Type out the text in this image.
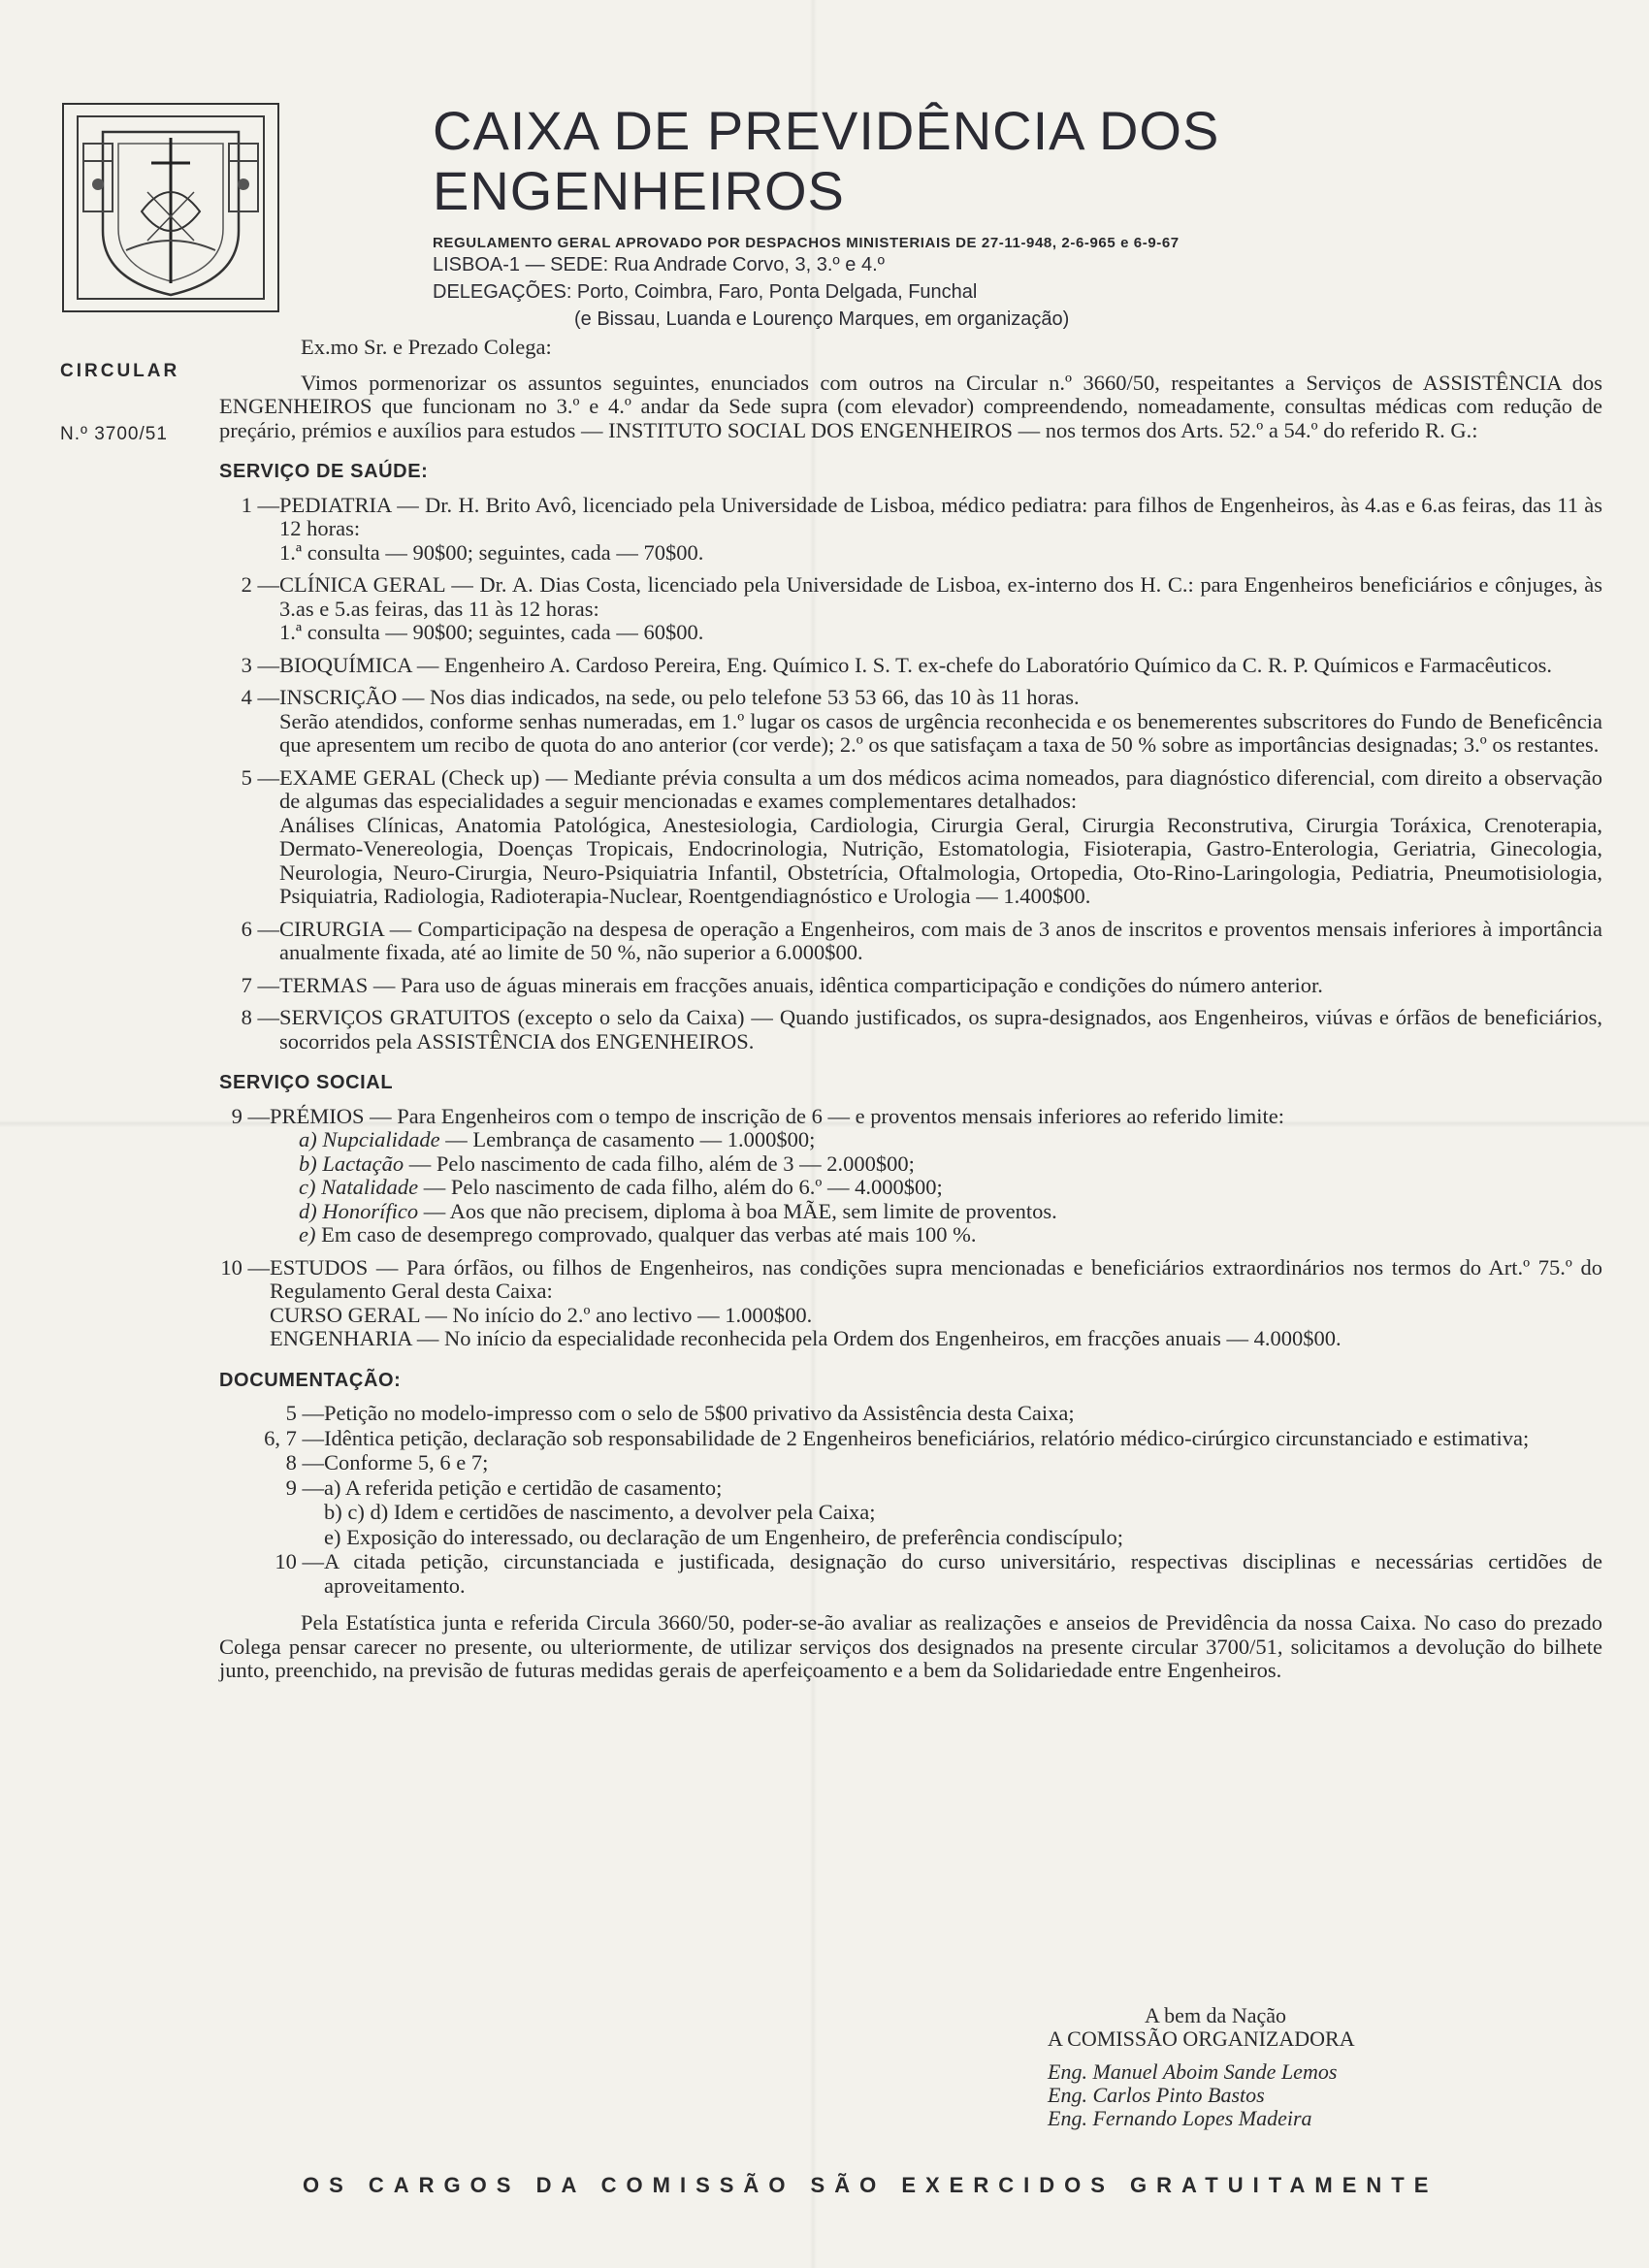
CAIXA DE PREVIDÊNCIA DOS ENGENHEIROS
REGULAMENTO GERAL APROVADO POR DESPACHOS MINISTERIAIS DE 27-11-948, 2-6-965 e 6-9-67
LISBOA-1 — SEDE: Rua Andrade Corvo, 3, 3.º e 4.º
DELEGAÇÕES: Porto, Coimbra, Faro, Ponta Delgada, Funchal
(e Bissau, Luanda e Lourenço Marques, em organização)
CIRCULAR
N.º 3700/51
Ex.mo Sr. e Prezado Colega:
Vimos pormenorizar os assuntos seguintes, enunciados com outros na Circular n.º 3660/50, respeitantes a Serviços de ASSISTÊNCIA dos ENGENHEIROS que funcionam no 3.º e 4.º andar da Sede supra (com elevador) compreendendo, nomeadamente, consultas médicas com redução de preçário, prémios e auxílios para estudos — INSTITUTO SOCIAL DOS ENGENHEIROS — nos termos dos Arts. 52.º a 54.º do referido R. G.:
SERVIÇO DE SAÚDE:
1 — PEDIATRIA — Dr. H. Brito Avô, licenciado pela Universidade de Lisboa, médico pediatra: para filhos de Engenheiros, às 4.as e 6.as feiras, das 11 às 12 horas:
1.ª consulta — 90$00; seguintes, cada — 70$00.
2 — CLÍNICA GERAL — Dr. A. Dias Costa, licenciado pela Universidade de Lisboa, ex-interno dos H. C.: para Engenheiros beneficiários e cônjuges, às 3.as e 5.as feiras, das 11 às 12 horas:
1.ª consulta — 90$00; seguintes, cada — 60$00.
3 — BIOQUÍMICA — Engenheiro A. Cardoso Pereira, Eng. Químico I. S. T. ex-chefe do Laboratório Químico da C. R. P. Químicos e Farmacêuticos.
4 — INSCRIÇÃO — Nos dias indicados, na sede, ou pelo telefone 53 53 66, das 10 às 11 horas.
Serão atendidos, conforme senhas numeradas, em 1.º lugar os casos de urgência reconhecida e os benemerentes subscritores do Fundo de Beneficência que apresentem um recibo de quota do ano anterior (cor verde); 2.º os que satisfaçam a taxa de 50 % sobre as importâncias designadas; 3.º os restantes.
5 — EXAME GERAL (Check up) — Mediante prévia consulta a um dos médicos acima nomeados, para diagnóstico diferencial, com direito a observação de algumas das especialidades a seguir mencionadas e exames complementares detalhados:
Análises Clínicas, Anatomia Patológica, Anestesiologia, Cardiologia, Cirurgia Geral, Cirurgia Reconstrutiva, Cirurgia Toráxica, Crenoterapia, Dermato-Venereologia, Doenças Tropicais, Endocrinologia, Nutrição, Estomatologia, Fisioterapia, Gastro-Enterologia, Geriatria, Ginecologia, Neurologia, Neuro-Cirurgia, Neuro-Psiquiatria Infantil, Obstetrícia, Oftalmologia, Ortopedia, Oto-Rino-Laringologia, Pediatria, Pneumotisiologia, Psiquiatria, Radiologia, Radioterapia-Nuclear, Roentgendiagnóstico e Urologia — 1.400$00.
6 — CIRURGIA — Comparticipação na despesa de operação a Engenheiros, com mais de 3 anos de inscritos e proventos mensais inferiores à importância anualmente fixada, até ao limite de 50 %, não superior a 6.000$00.
7 — TERMAS — Para uso de águas minerais em fracções anuais, idêntica comparticipação e condições do número anterior.
8 — SERVIÇOS GRATUITOS (excepto o selo da Caixa) — Quando justificados, os supra-designados, aos Engenheiros, viúvas e órfãos de beneficiários, socorridos pela ASSISTÊNCIA dos ENGENHEIROS.
SERVIÇO SOCIAL
9 — PRÉMIOS — Para Engenheiros com o tempo de inscrição de 6 — e proventos mensais inferiores ao referido limite:
a) Nupcialidade — Lembrança de casamento — 1.000$00;
b) Lactação — Pelo nascimento de cada filho, além de 3 — 2.000$00;
c) Natalidade — Pelo nascimento de cada filho, além do 6.º — 4.000$00;
d) Honorífico — Aos que não precisem, diploma à boa MÃE, sem limite de proventos.
e) Em caso de desemprego comprovado, qualquer das verbas até mais 100 %.
10 — ESTUDOS — Para órfãos, ou filhos de Engenheiros, nas condições supra mencionadas e beneficiários extraordinários nos termos do Art.º 75.º do Regulamento Geral desta Caixa:
CURSO GERAL — No início do 2.º ano lectivo — 1.000$00.
ENGENHARIA — No início da especialidade reconhecida pela Ordem dos Engenheiros, em fracções anuais — 4.000$00.
DOCUMENTAÇÃO:
5 — Petição no modelo-impresso com o selo de 5$00 privativo da Assistência desta Caixa;
6, 7 — Idêntica petição, declaração sob responsabilidade de 2 Engenheiros beneficiários, relatório médico-cirúrgico circunstanciado e estimativa;
8 — Conforme 5, 6 e 7;
9 — a) A referida petição e certidão de casamento;
b) c) d) Idem e certidões de nascimento, a devolver pela Caixa;
e) Exposição do interessado, ou declaração de um Engenheiro, de preferência condiscípulo;
10 — A citada petição, circunstanciada e justificada, designação do curso universitário, respectivas disciplinas e necessárias certidões de aproveitamento.
Pela Estatística junta e referida Circula 3660/50, poder-se-ão avaliar as realizações e anseios de Previdência da nossa Caixa. No caso do prezado Colega pensar carecer no presente, ou ulteriormente, de utilizar serviços dos designados na presente circular 3700/51, solicitamos a devolução do bilhete junto, preenchido, na previsão de futuras medidas gerais de aperfeiçoamento e a bem da Solidariedade entre Engenheiros.
A bem da Nação
A COMISSÃO ORGANIZADORA
Eng. Manuel Aboim Sande Lemos
Eng. Carlos Pinto Bastos
Eng. Fernando Lopes Madeira
OS CARGOS DA COMISSÃO SÃO EXERCIDOS GRATUITAMENTE
